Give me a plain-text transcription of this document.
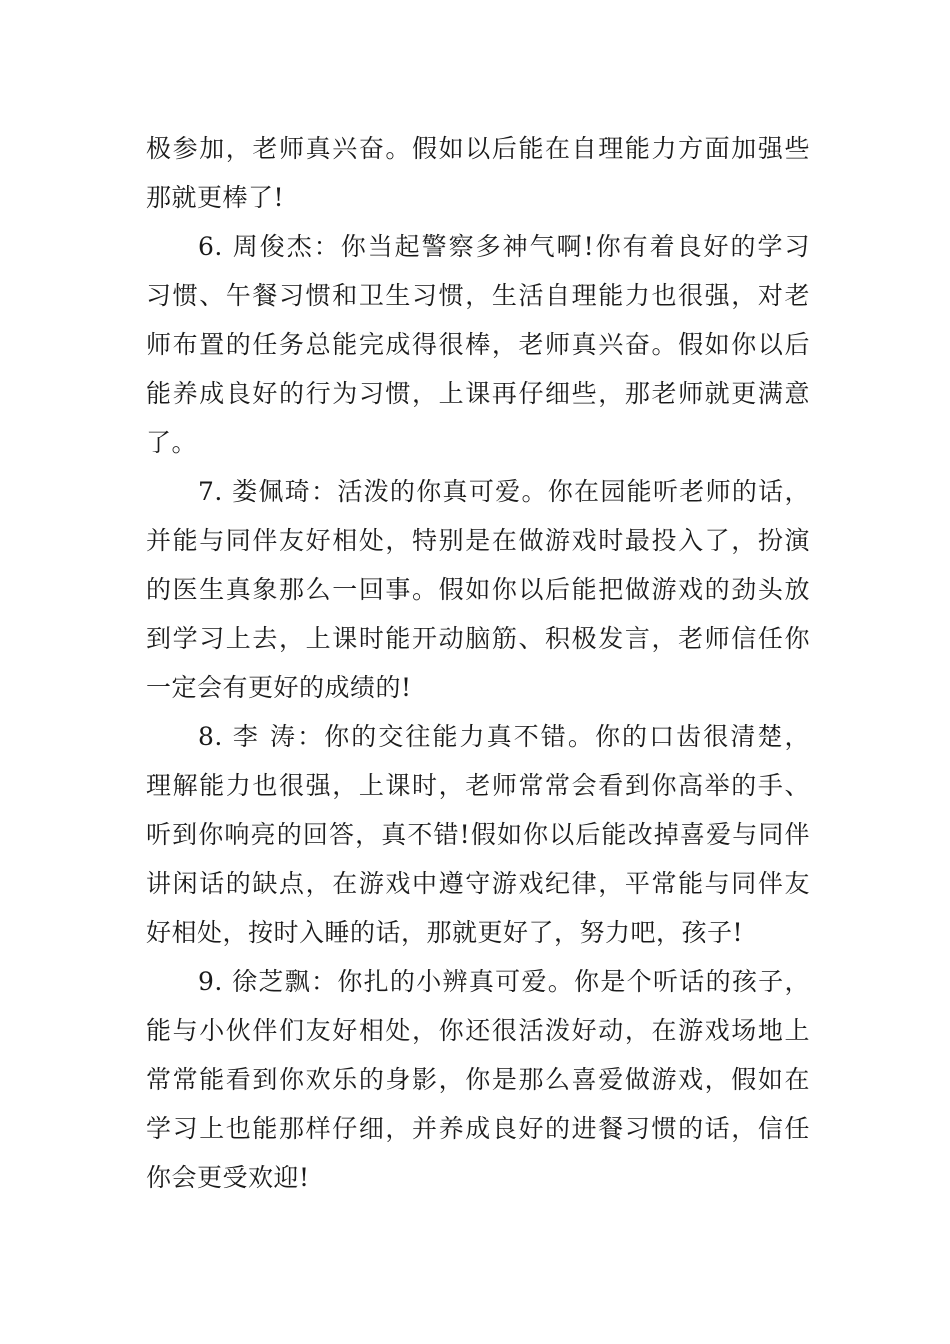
极参加，老师真兴奋。假如以后能在自理能力方面加强些
那就更棒了!
6. 周俊杰：你当起警察多神气啊!你有着良好的学习
习惯、午餐习惯和卫生习惯，生活自理能力也很强，对老
师布置的任务总能完成得很棒，老师真兴奋。假如你以后
能养成良好的行为习惯，上课再仔细些，那老师就更满意
了。
7. 娄佩琦：活泼的你真可爱。你在园能听老师的话，
并能与同伴友好相处，特别是在做游戏时最投入了，扮演
的医生真象那么一回事。假如你以后能把做游戏的劲头放
到学习上去，上课时能开动脑筋、积极发言，老师信任你
一定会有更好的成绩的!
8. 李 涛：你的交往能力真不错。你的口齿很清楚，
理解能力也很强，上课时，老师常常会看到你高举的手、
听到你响亮的回答，真不错!假如你以后能改掉喜爱与同伴
讲闲话的缺点，在游戏中遵守游戏纪律，平常能与同伴友
好相处，按时入睡的话，那就更好了，努力吧，孩子!
9. 徐芝飘：你扎的小辨真可爱。你是个听话的孩子，
能与小伙伴们友好相处，你还很活泼好动，在游戏场地上
常常能看到你欢乐的身影，你是那么喜爱做游戏，假如在
学习上也能那样仔细，并养成良好的进餐习惯的话，信任
你会更受欢迎!
